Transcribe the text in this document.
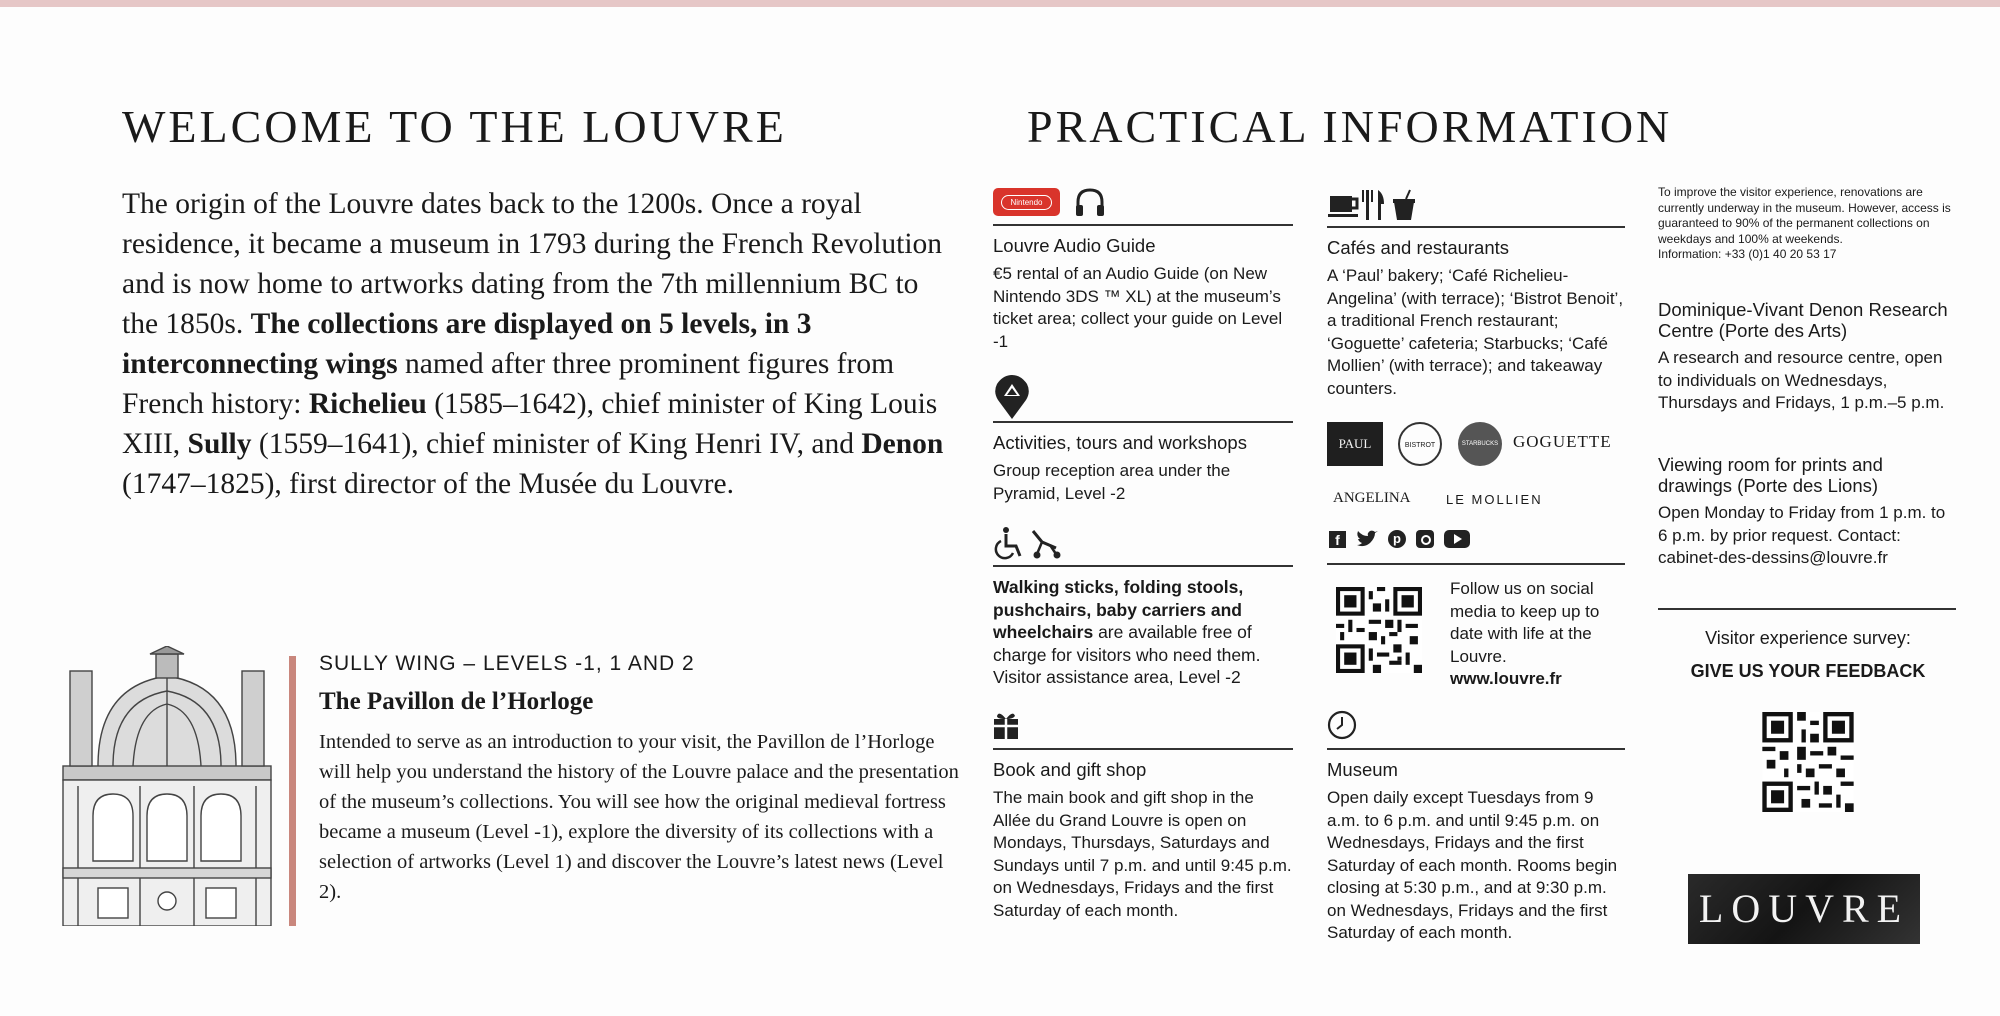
WELCOME TO THE LOUVRE
The origin of the Louvre dates back to the 1200s. Once a royal residence, it became a museum in 1793 during the French Revolution and is now home to artworks dating from the 7th millennium BC to the 1850s. The collections are displayed on 5 levels, in 3 interconnecting wings named after three prominent figures from French history: Richelieu (1585–1642), chief minister of King Louis XIII, Sully (1559–1641), chief minister of King Henri IV, and Denon (1747–1825), first director of the Musée du Louvre.
SULLY WING – LEVELS -1, 1 AND 2
The Pavillon de l’Horloge
Intended to serve as an introduction to your visit, the Pavillon de l’Horloge will help you understand the history of the Louvre palace and the presentation of the museum’s collections. You will see how the original medieval fortress became a museum (Level -1), explore the diversity of its collections with a selection of artworks (Level 1) and discover the Louvre’s latest news (Level 2).
PRACTICAL INFORMATION
Nintendo
Louvre Audio Guide
€5 rental of an Audio Guide (on New Nintendo 3DS ™ XL) at the museum’s ticket area; collect your guide on Level -1
Activities, tours and workshops
Group reception area under the Pyramid, Level -2
Walking sticks, folding stools, pushchairs, baby carriers and wheelchairs are available free of charge for visitors who need them. Visitor assistance area, Level -2
Book and gift shop
The main book and gift shop in the Allée du Grand Louvre is open on Mondays, Thursdays, Saturdays and Sundays until 7 p.m. and until 9:45 p.m. on Wednesdays, Fridays and the first Saturday of each month.
Cafés and restaurants
A ‘Paul’ bakery; ‘Café Richelieu-Angelina’ (with terrace); ‘Bistrot Benoit’, a traditional French restaurant; ‘Goguette’ cafeteria; Starbucks; ‘Café Mollien’ (with terrace); and takeaway counters.
PAUL	BISTROT	STARBUCKS GOGUETTE
ANGELINA	LE MOLLIEN
f	p
Follow us on social media to keep up to date with life at the Louvre.
www.louvre.fr
Museum
Open daily except Tuesdays from 9 a.m. to 6 p.m. and until 9:45 p.m. on Wednesdays, Fridays and the first Saturday of each month. Rooms begin closing at 5:30 p.m., and at 9:30 p.m. on Wednesdays, Fridays and the first Saturday of each month.
To improve the visitor experience, renovations are currently underway in the museum. However, access is guaranteed to 90% of the permanent collections on weekdays and 100% at weekends.
Information: +33 (0)1 40 20 53 17
Dominique-Vivant Denon Research Centre (Porte des Arts)
A research and resource centre, open to individuals on Wednesdays, Thursdays and Fridays, 1 p.m.–5 p.m.
Viewing room for prints and drawings (Porte des Lions)
Open Monday to Friday from 1 p.m. to 6 p.m. by prior request. Contact: cabinet-des-dessins@louvre.fr
Visitor experience survey:
GIVE US YOUR FEEDBACK
LOUVRE
